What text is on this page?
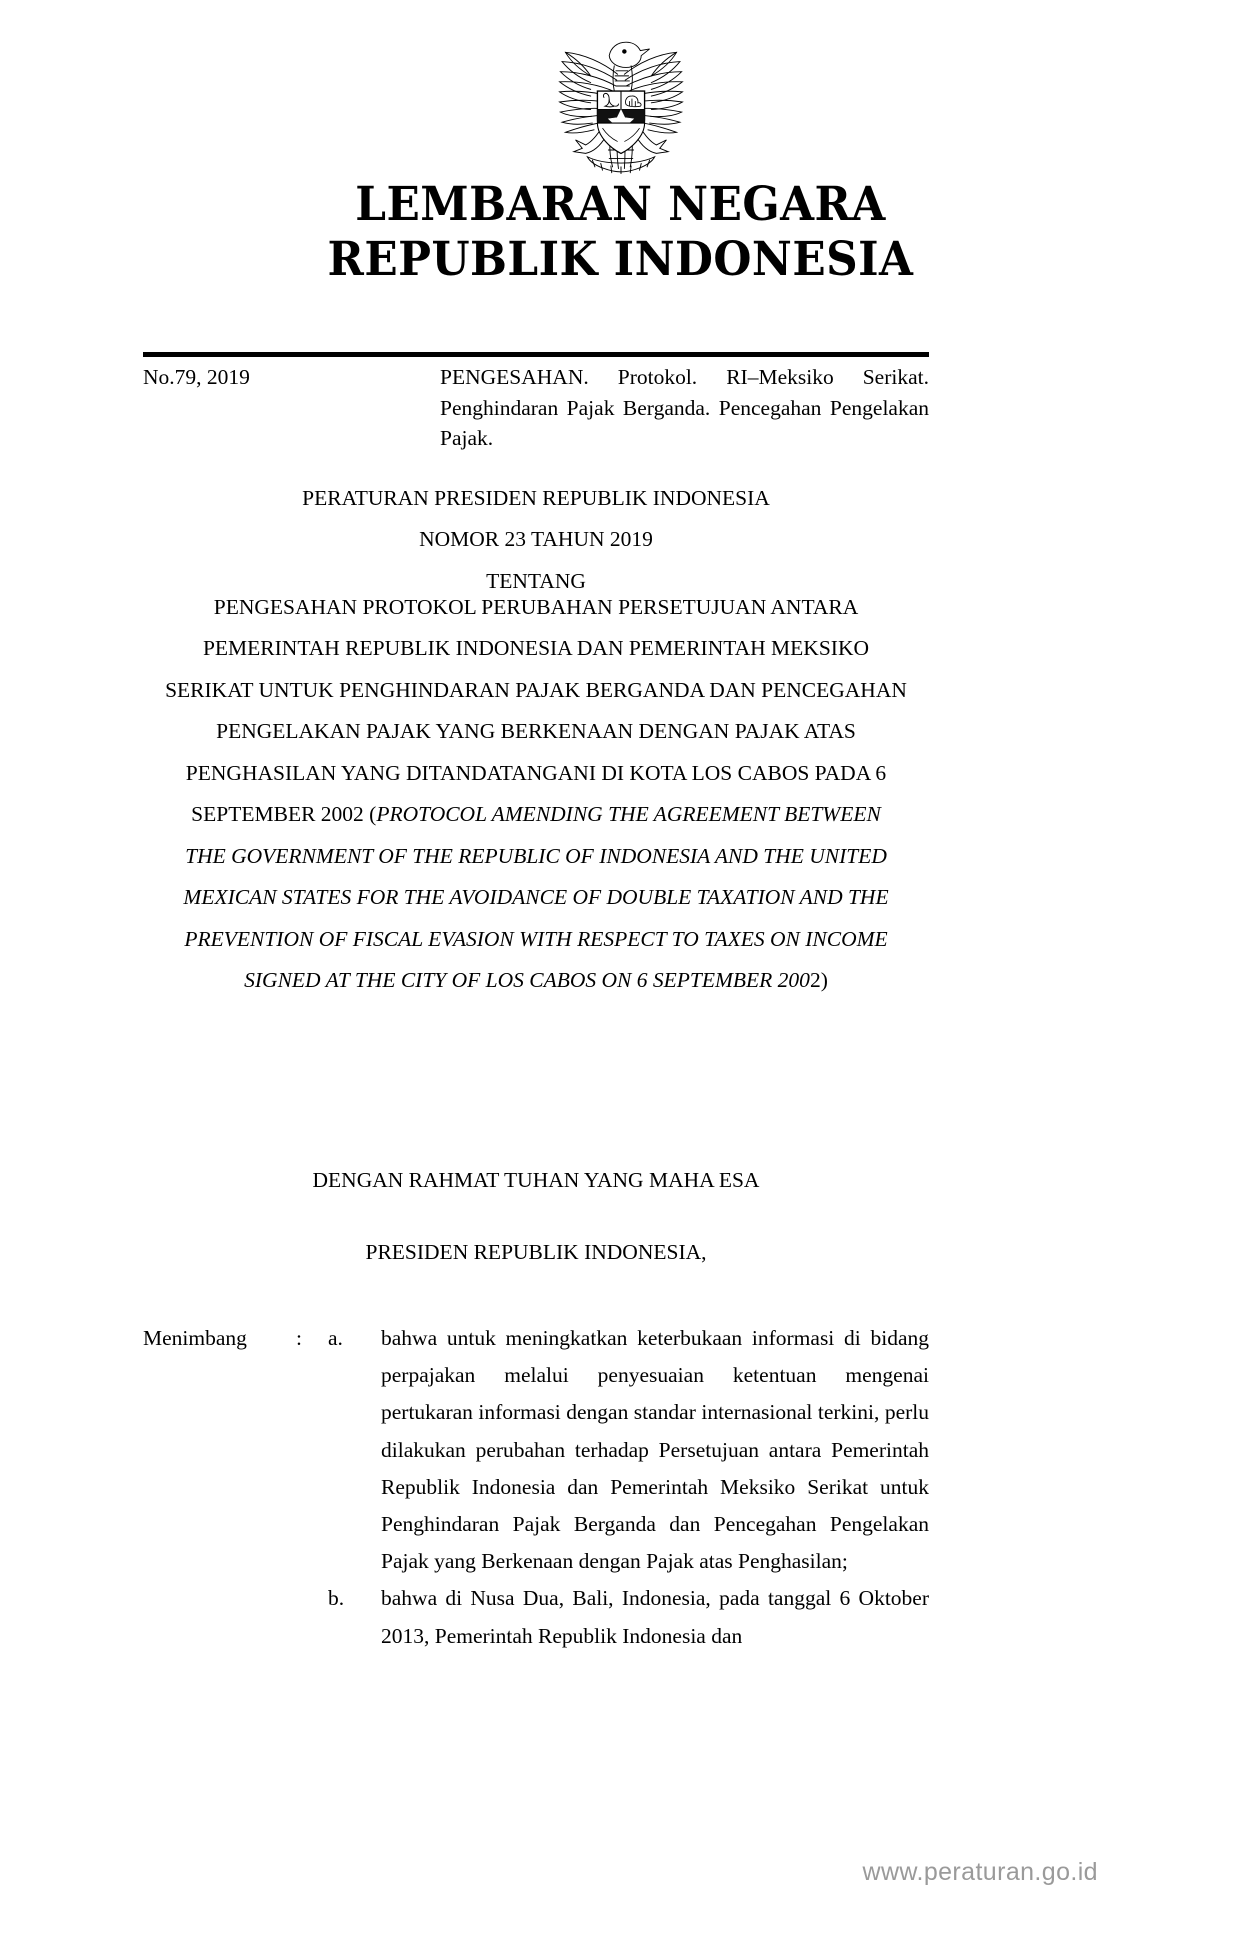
LEMBARAN NEGARA
REPUBLIK INDONESIA
No.79, 2019	PENGESAHAN. Protokol. RI–Meksiko Serikat. Penghindaran Pajak Berganda. Pencegahan Pengelakan Pajak.
PERATURAN PRESIDEN REPUBLIK INDONESIA
NOMOR 23 TAHUN 2019
TENTANG
PENGESAHAN PROTOKOL PERUBAHAN PERSETUJUAN ANTARA
PEMERINTAH REPUBLIK INDONESIA DAN PEMERINTAH MEKSIKO
SERIKAT UNTUK PENGHINDARAN PAJAK BERGANDA DAN PENCEGAHAN
PENGELAKAN PAJAK YANG BERKENAAN DENGAN PAJAK ATAS
PENGHASILAN YANG DITANDATANGANI DI KOTA LOS CABOS PADA 6
SEPTEMBER 2002 (PROTOCOL AMENDING THE AGREEMENT BETWEEN
THE GOVERNMENT OF THE REPUBLIC OF INDONESIA AND THE UNITED
MEXICAN STATES FOR THE AVOIDANCE OF DOUBLE TAXATION AND THE
PREVENTION OF FISCAL EVASION WITH RESPECT TO TAXES ON INCOME
SIGNED AT THE CITY OF LOS CABOS ON 6 SEPTEMBER 2002)
DENGAN RAHMAT TUHAN YANG MAHA ESA
PRESIDEN REPUBLIK INDONESIA,
Menimbang	: a.	bahwa untuk meningkatkan keterbukaan informasi di bidang perpajakan melalui penyesuaian ketentuan mengenai pertukaran informasi dengan standar internasional terkini, perlu dilakukan perubahan terhadap Persetujuan antara Pemerintah Republik Indonesia dan Pemerintah Meksiko Serikat untuk Penghindaran Pajak Berganda dan Pencegahan Pengelakan Pajak yang Berkenaan dengan Pajak atas Penghasilan;
b.	bahwa di Nusa Dua, Bali, Indonesia, pada tanggal 6 Oktober 2013, Pemerintah Republik Indonesia dan
www.peraturan.go.id
